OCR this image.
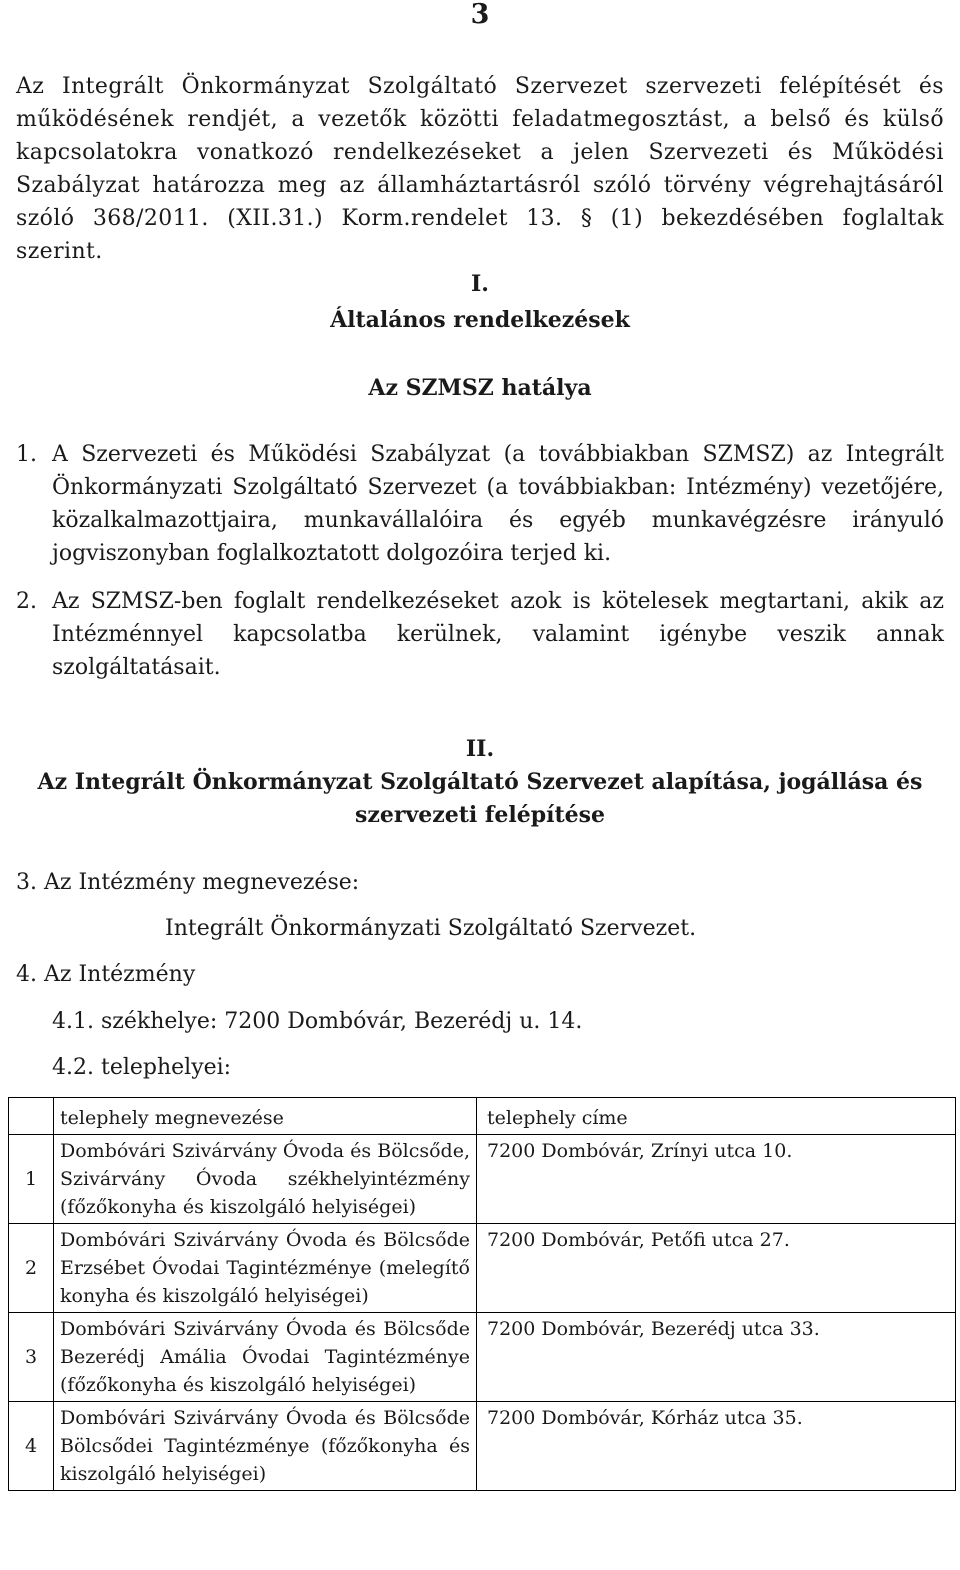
3

Az Integrált Önkormányzat Szolgáltató Szervezet szervezeti felépítését és működésének rendjét, a vezetők közötti feladatmegosztást, a belső és külső kapcsolatokra vonatkozó rendelkezéseket a jelen Szervezeti és Működési Szabályzat határozza meg az államháztartásról szóló törvény végrehajtásáról szóló 368/2011. (XII.31.) Korm.rendelet 13. § (1) bekezdésében foglaltak szerint.

I.

Általános rendelkezések

Az SZMSZ hatálya

1. A Szervezeti és Működési Szabályzat (a továbbiakban SZMSZ) az Integrált Önkormányzati Szolgáltató Szervezet (a továbbiakban: Intézmény) vezetőjére, közalkalmazottjaira, munkavállalóira és egyéb munkavégzésre irányuló jogviszonyban foglalkoztatott dolgozóira terjed ki.
2. Az SZMSZ-ben foglalt rendelkezéseket azok is kötelesek megtartani, akik az Intézménnyel kapcsolatba kerülnek, valamint igénybe veszik annak szolgáltatásait.

II.

Az Integrált Önkormányzat Szolgáltató Szervezet alapítása, jogállása és

szervezeti felépítése

3. Az Intézmény megnevezése:

Integrált Önkormányzati Szolgáltató Szervezet.

4. Az Intézmény

4.1. székhelye: 7200 Dombóvár, Bezerédj u. 14.

4.2. telephelyei:

	telephely megnevezése	telephely címe
1	Dombóvári Szivárvány Óvoda és Bölcsőde, Szivárvány Óvoda székhelyintézmény (főzőkonyha és kiszolgáló helyiségei)	7200 Dombóvár, Zrínyi utca 10.
2	Dombóvári Szivárvány Óvoda és Bölcsőde Erzsébet Óvodai Tagintézménye (melegítő konyha és kiszolgáló helyiségei)	7200 Dombóvár, Petőfi utca 27.
3	Dombóvári Szivárvány Óvoda és Bölcsőde Bezerédj Amália Óvodai Tagintézménye (főzőkonyha és kiszolgáló helyiségei)	7200 Dombóvár, Bezerédj utca 33.
4	Dombóvári Szivárvány Óvoda és Bölcsőde Bölcsődei Tagintézménye (főzőkonyha és kiszolgáló helyiségei)	7200 Dombóvár, Kórház utca 35.
